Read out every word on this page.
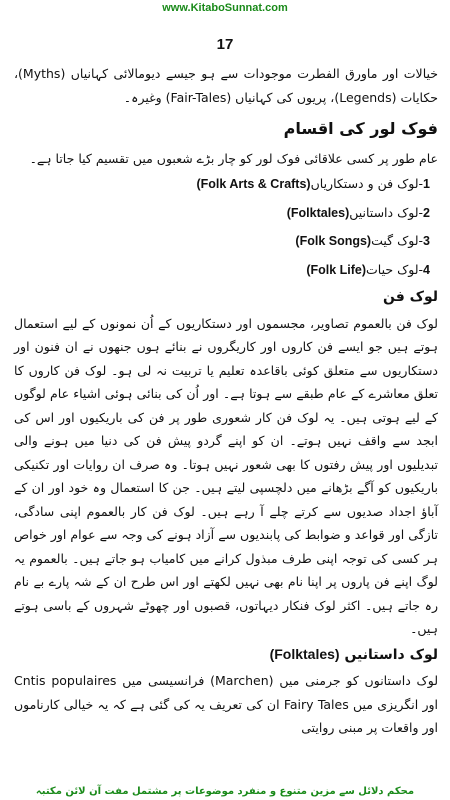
www.KitaboSunnat.com
17

خیالات اور ماورق الفطرت موجودات سے ہو جیسے دیومالائی کہانیاں (Myths)، حکایات (Legends)، پریوں کی کہانیاں (Fair-Tales) وغیرہ۔

فوک لور کی اقسام

عام طور پر کسی علاقائی فوک لور کو چار بڑے شعبوں میں تقسیم کیا جاتا ہے۔

1-لوک فن و دستکاریاں(Folk Arts & Crafts)

2-لوک داستانیں(Folktales)

3-لوک گیت(Folk Songs)

4-لوک حیات(Folk Life)

لوک فن

لوک فن بالعموم تصاویر، مجسموں اور دستکاریوں کے اُن نمونوں کے لیے استعمال ہوتے ہیں جو ایسے فن کاروں اور کاریگروں نے بنائے ہوں جنھوں نے ان فنون اور دستکاریوں سے متعلق کوئی باقاعدہ تعلیم یا تربیت نہ لی ہو۔ لوک فن کاروں کا تعلق معاشرے کے عام طبقے سے ہوتا ہے۔ اور اُن کی بنائی ہوئی اشیاء عام لوگوں کے لیے ہوتی ہیں۔ یہ لوک فن کار شعوری طور پر فن کی باریکیوں اور اس کی ابجد سے واقف نہیں ہوتے۔ ان کو اپنے گردو پیش فن کی دنیا میں ہونے والی تبدیلیوں اور پیش رفتوں کا بھی شعور نہیں ہوتا۔ وہ صرف ان روایات اور تکنیکی باریکیوں کو آگے بڑھانے میں دلچسپی لیتے ہیں۔ جن کا استعمال وہ خود اور ان کے آباؤ اجداد صدیوں سے کرتے چلے آ رہے ہیں۔ لوک فن کار بالعموم اپنی سادگی، تازگی اور قواعد و ضوابط کی پابندیوں سے آزاد ہونے کی وجہ سے عوام اور خواص ہر کسی کی توجہ اپنی طرف مبذول کرانے میں کامیاب ہو جاتے ہیں۔ بالعموم یہ لوگ اپنے فن پاروں پر اپنا نام بھی نہیں لکھتے اور اس طرح ان کے شہ پارے بے نام رہ جاتے ہیں۔ اکثر لوک فنکار دیہاتوں، قصبوں اور چھوٹے شہروں کے باسی ہوتے ہیں۔

لوک داستانیں (Folktales)

لوک داستانوں کو جرمنی میں (Marchen) فرانسیسی میں Cntis populaires اور انگریزی میں Fairy Tales ان کی تعریف یہ کی گئی ہے کہ یہ خیالی کارناموں اور واقعات پر مبنی روایتی

محکم دلائل سے مزین متنوع و منفرد موضوعات پر مشتمل مفت آن لائن مکتبہ
